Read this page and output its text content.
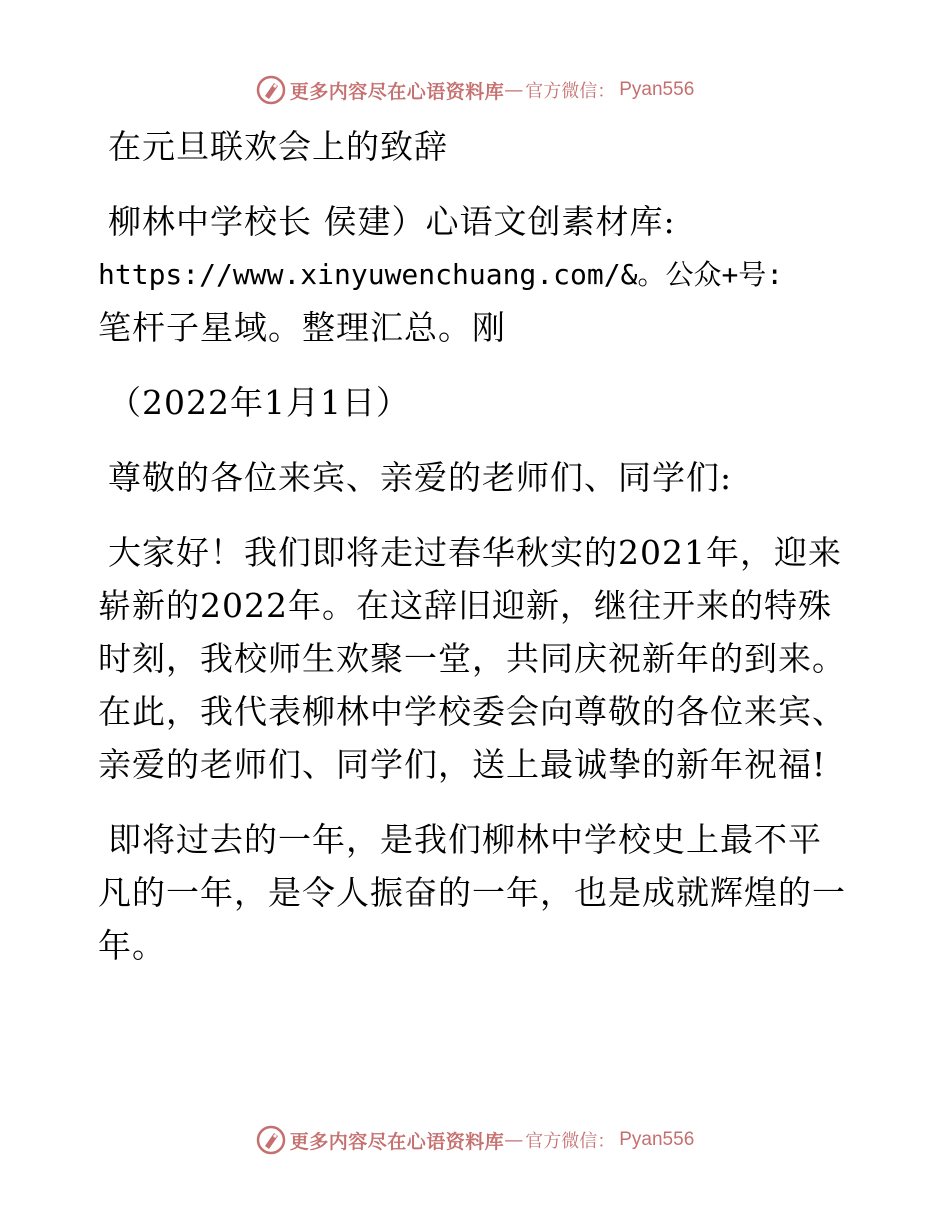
更多内容尽在心语资料库 — 官方微信： Pyan556
在元旦联欢会上的致辞
柳林中学校长 侯建）心语文创素材库:
https://www.xinyuwenchuang.com/&。公众+号:
笔杆子星域。整理汇总。刚
（2022年1月1日）
尊敬的各位来宾、亲爱的老师们、同学们:
大家好！我们即将走过春华秋实的2021年，迎来
崭新的2022年。在这辞旧迎新，继往开来的特殊
时刻，我校师生欢聚一堂，共同庆祝新年的到来。
在此，我代表柳林中学校委会向尊敬的各位来宾、
亲爱的老师们、同学们，送上最诚挚的新年祝福!
即将过去的一年，是我们柳林中学校史上最不平
凡的一年，是令人振奋的一年，也是成就辉煌的一
年。
更多内容尽在心语资料库 — 官方微信： Pyan556
